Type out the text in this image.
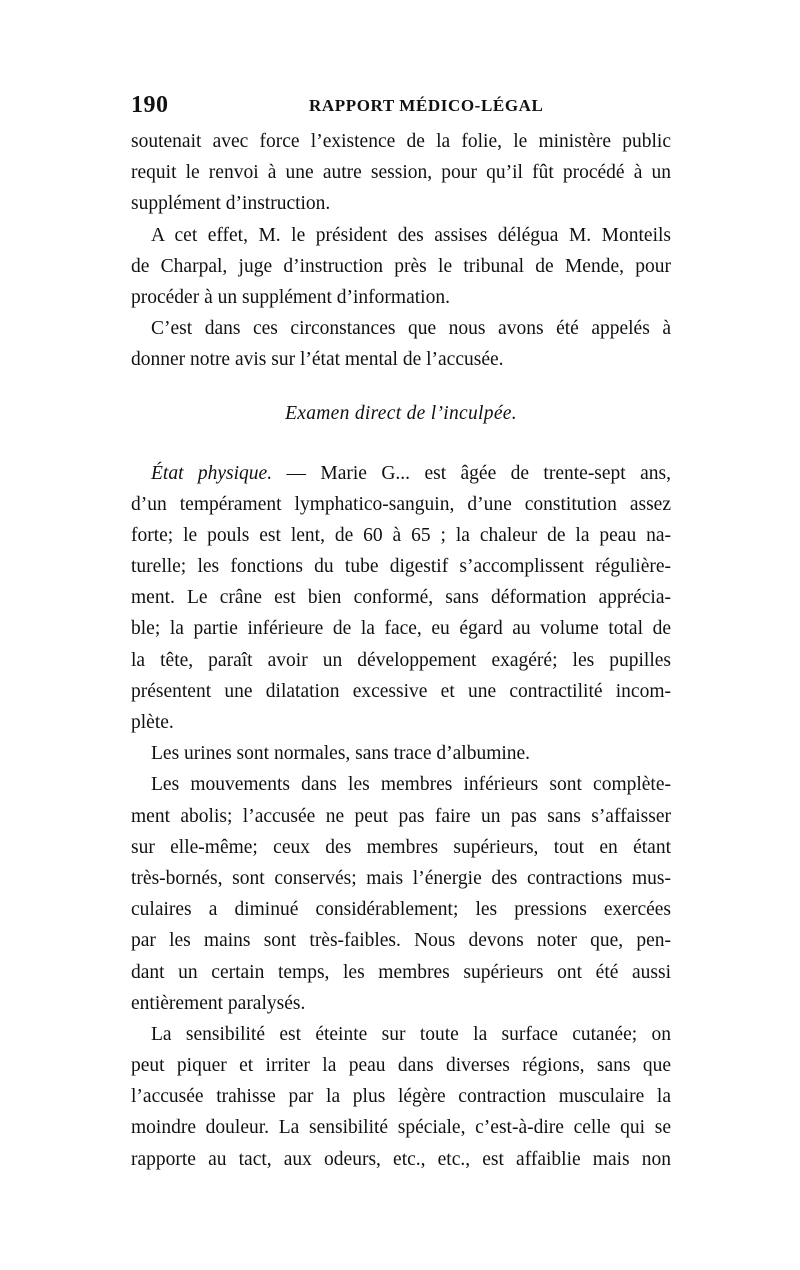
190	RAPPORT MÉDICO-LÉGAL
soutenait avec force l’existence de la folie, le ministère public
requit le renvoi à une autre session, pour qu’il fût procédé à un
supplément d’instruction.
A cet effet, M. le président des assises délégua M. Monteils
de Charpal, juge d’instruction près le tribunal de Mende, pour
procéder à un supplément d’information.
C’est dans ces circonstances que nous avons été appelés à
donner notre avis sur l’état mental de l’accusée.
Examen direct de l’inculpée.
État physique. — Marie G... est âgée de trente-sept ans,
d’un tempérament lymphatico-sanguin, d’une constitution assez
forte; le pouls est lent, de 60 à 65 ; la chaleur de la peau na-
turelle; les fonctions du tube digestif s’accomplissent régulière-
ment. Le crâne est bien conformé, sans déformation apprécia-
ble; la partie inférieure de la face, eu égard au volume total de
la tête, paraît avoir un développement exagéré; les pupilles
présentent une dilatation excessive et une contractilité incom-
plète.
Les urines sont normales, sans trace d’albumine.
Les mouvements dans les membres inférieurs sont complète-
ment abolis; l’accusée ne peut pas faire un pas sans s’affaisser
sur elle-même; ceux des membres supérieurs, tout en étant
très-bornés, sont conservés; mais l’énergie des contractions mus-
culaires a diminué considérablement; les pressions exercées
par les mains sont très-faibles. Nous devons noter que, pen-
dant un certain temps, les membres supérieurs ont été aussi
entièrement paralysés.
La sensibilité est éteinte sur toute la surface cutanée; on
peut piquer et irriter la peau dans diverses régions, sans que
l’accusée trahisse par la plus légère contraction musculaire la
moindre douleur. La sensibilité spéciale, c’est-à-dire celle qui se
rapporte au tact, aux odeurs, etc., etc., est affaiblie mais non
